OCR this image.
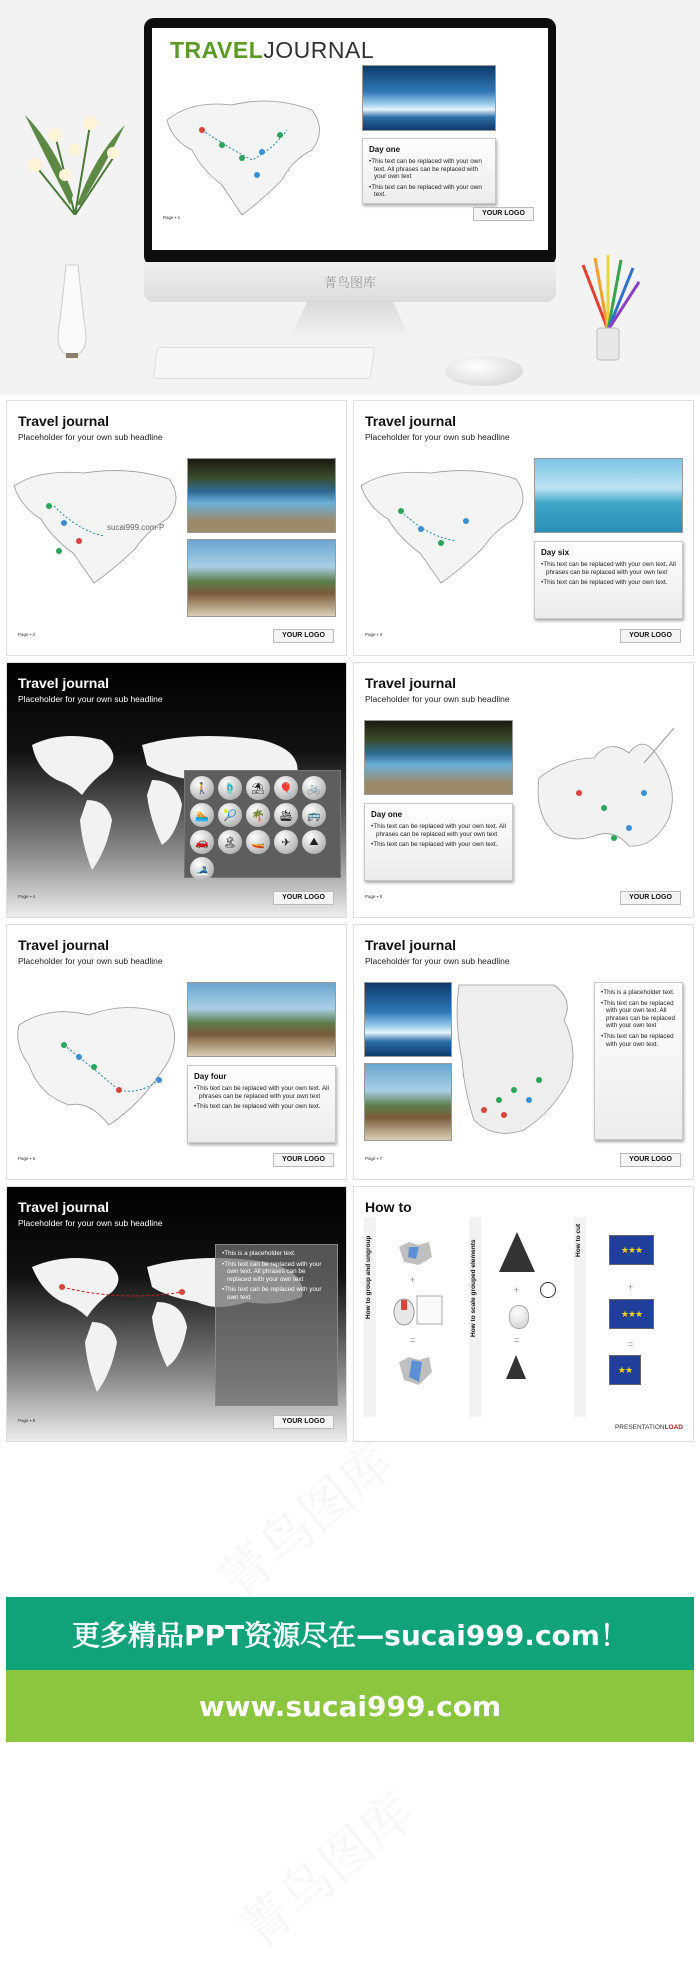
菁鸟图库
TRAVELJOURNAL
Day one
• This text can be replaced with your own text. All phrases can be replaced with your own text
• This text can be replaced with your own text.
Page ▪ 1
YOUR LOGO
Travel journal
Placeholder for your own sub headline
sucai999.com-P
Page ▪ 2	YOUR LOGO
Travel journal
Placeholder for your own sub headline
Day six
• This text can be replaced with your own text. All phrases can be replaced with your own text
• This text can be replaced with your own text.
Page ▪ 3	YOUR LOGO
Travel journal
Placeholder for your own sub headline
🚶	🩴	⛱	🎈	🚲
🏊	🎾	🌴	🛳	🚌
🚗	🏝	🚤	✈	⛰
🎿
Page ▪ 4	YOUR LOGO
Travel journal
Placeholder for your own sub headline
Day one
• This text can be replaced with your own text. All phrases can be replaced with your own text
• This text can be replaced with your own text.
Page ▪ 5	YOUR LOGO
Travel journal
Placeholder for your own sub headline
Day four
• This text can be replaced with your own text. All phrases can be replaced with your own text
• This text can be replaced with your own text.
Page ▪ 6	YOUR LOGO
Travel journal
Placeholder for your own sub headline
• This is a placeholder text.
• This text can be replaced with your own text. All phrases can be replaced with your own text
• This text can be replaced with your own text.
Page ▪ 7	YOUR LOGO
Travel journal
Placeholder for your own sub headline
• This is a placeholder text.
• This text can be replaced with your own text. All phrases can be replaced with your own text
• This text can be replaced with your own text.
Page ▪ 8	YOUR LOGO
How to
How to group and ungroup	How to scale grouped elements	How to cut
+
=
+
=
★★★
+
★★★
=
★★
PRESENTATIONLOAD
更多精品PPT资源尽在—sucai999.com！
www.sucai999.com
